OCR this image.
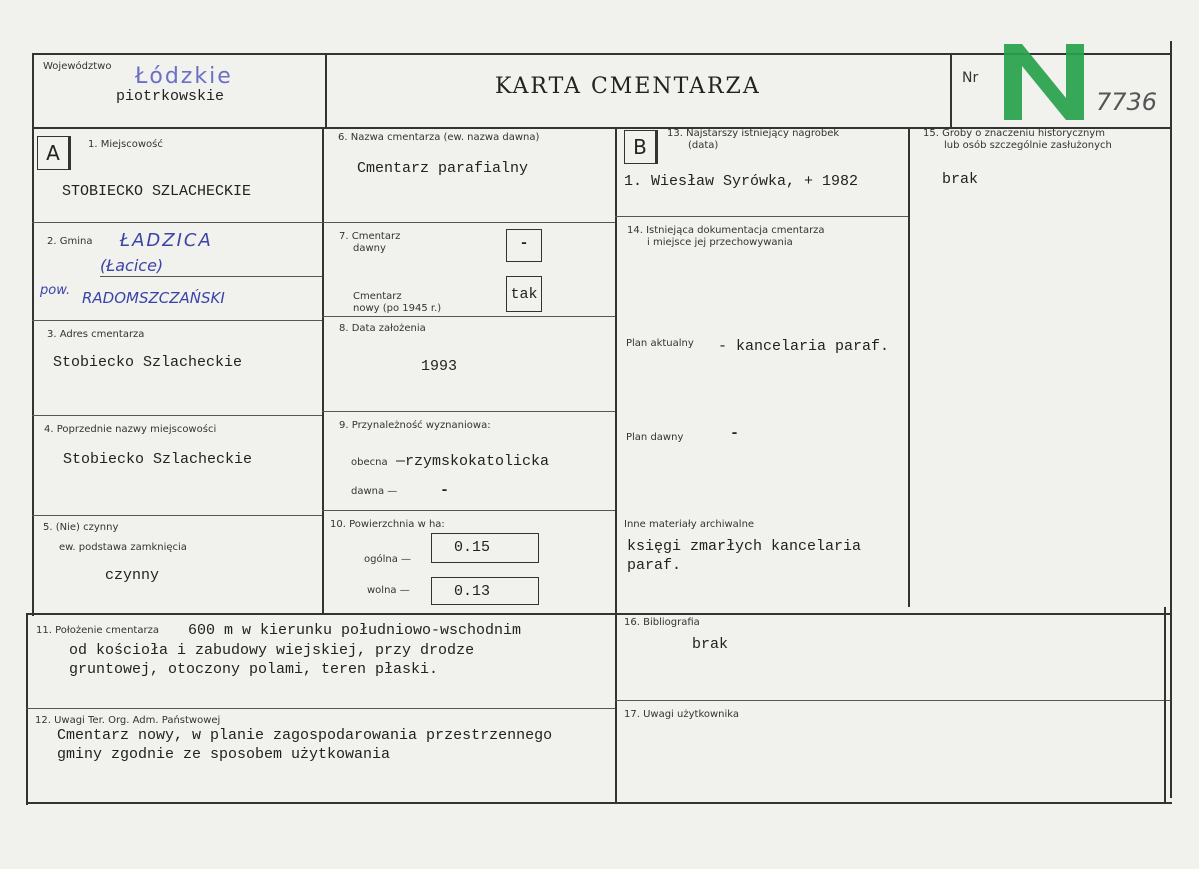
Województwo Łódzkie
piotrkowskie	KARTA CMENTARZA	Nr
7736
A	1. Miejscowość
STOBIECKO SZLACHECKIE
2. Gmina ŁADZICA
(Łacice)
pow. RADOMSZCZAŃSKI
3. Adres cmentarza
Stobiecko Szlacheckie
4. Poprzednie nazwy miejscowości
Stobiecko Szlacheckie
5. (Nie) czynny
ew. podstawa zamknięcia
czynny
6. Nazwa cmentarza (ew. nazwa dawna)
Cmentarz parafialny
7. Cmentarz
dawny	-
Cmentarz
nowy (po 1945 r.)
tak
8. Data założenia
1993
9. Przynależność wyznaniowa:
obecna —rzymskokatolicka
dawna —	-
10. Powierzchnia w ha:
ogólna —
0.15
wolna —	0.13
B
13. Najstarszy istniejący nagrobek
(data)
1. Wiesław Syrówka, + 1982
14. Istniejąca dokumentacja cmentarza
i miejsce jej przechowywania
Plan aktualny - kancelaria paraf.
Plan dawny	-
Inne materiały archiwalne
księgi zmarłych kancelaria
paraf.
15. Groby o znaczeniu historycznym
lub osób szczególnie zasłużonych
brak
11. Położenie cmentarza 600 m w kierunku południowo-wschodnim
od kościoła i zabudowy wiejskiej, przy drodze
gruntowej, otoczony polami, teren płaski.
12. Uwagi Ter. Org. Adm. Państwowej
Cmentarz nowy, w planie zagospodarowania przestrzennego
gminy zgodnie ze sposobem użytkowania
16. Bibliografia
brak
17. Uwagi użytkownika
